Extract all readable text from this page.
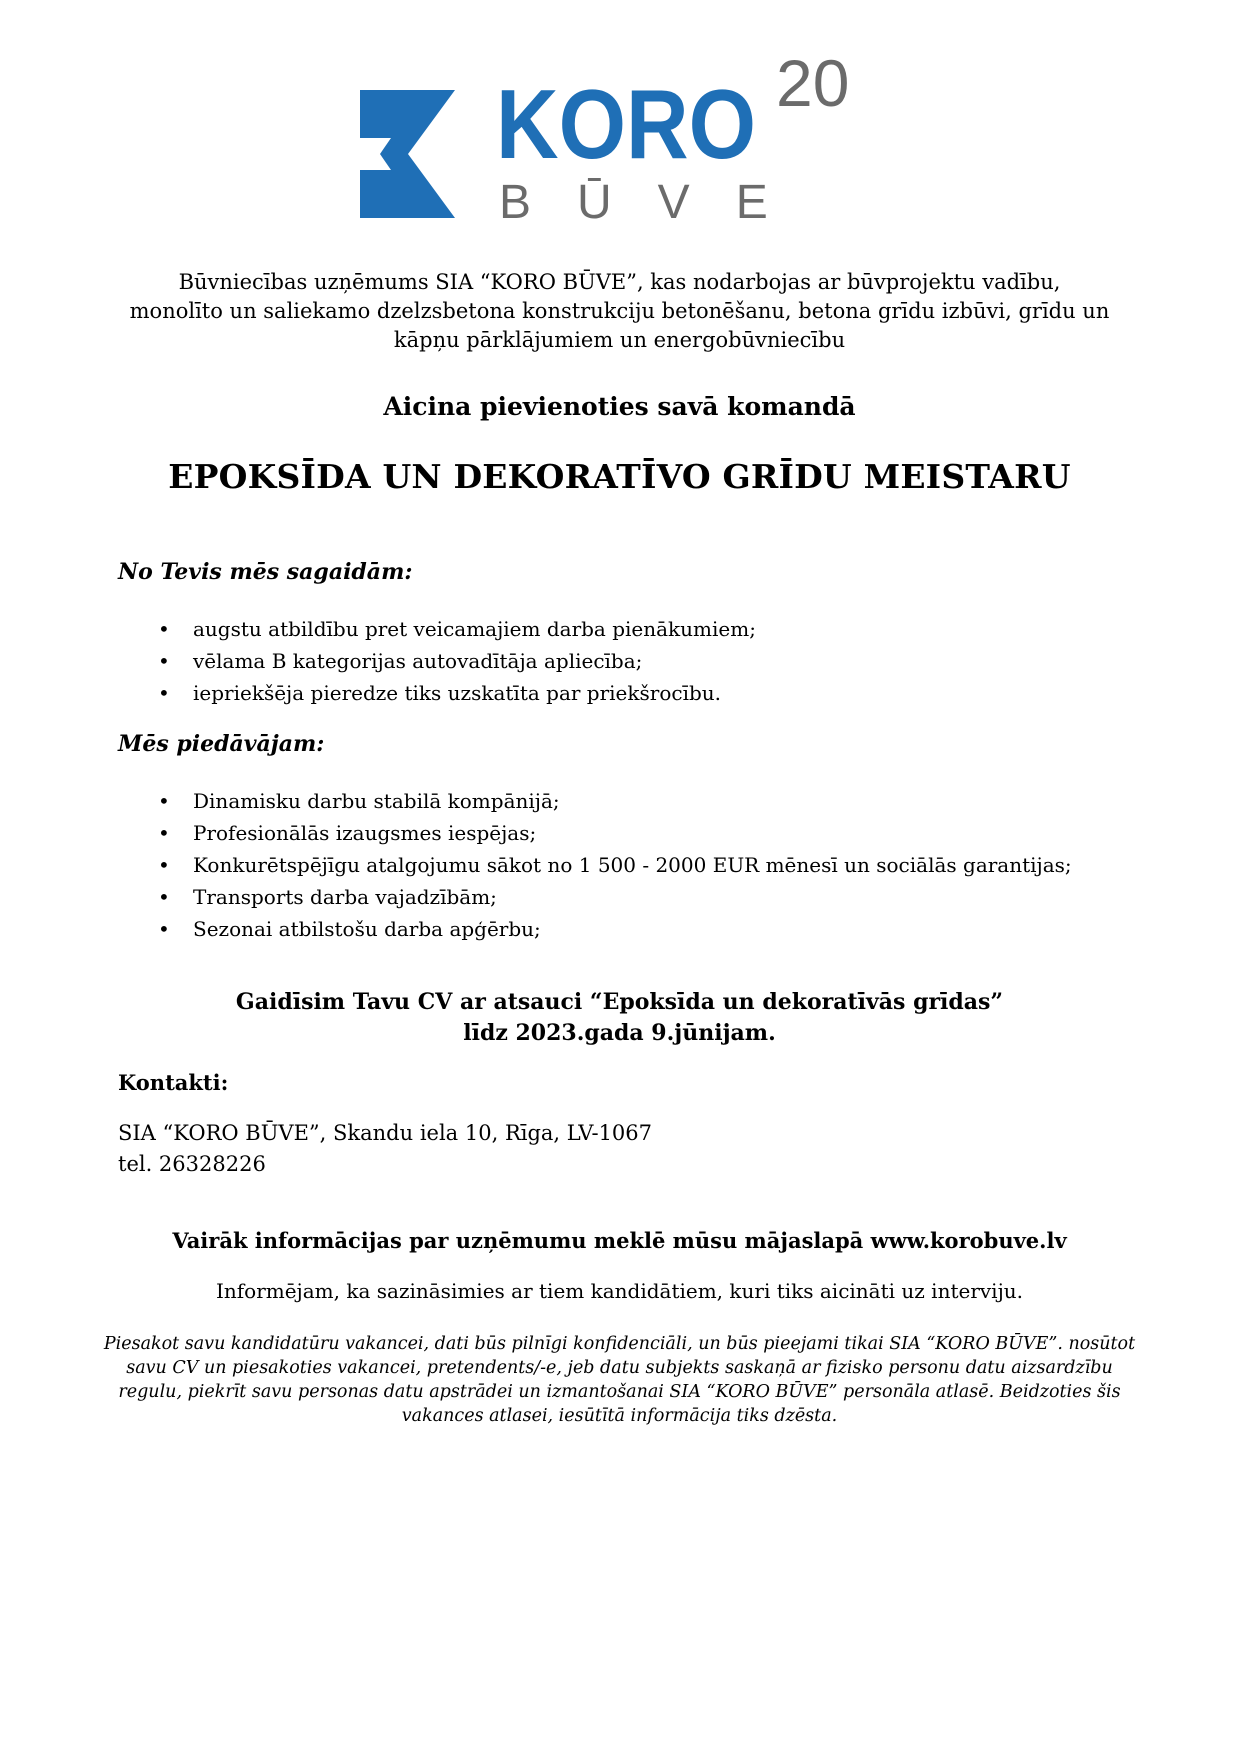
KORO
BŪVE
20
Būvniecības uzņēmums SIA “KORO BŪVE”, kas nodarbojas ar būvprojektu vadību,
monolīto un saliekamo dzelzsbetona konstrukciju betonēšanu, betona grīdu izbūvi, grīdu un
kāpņu pārklājumiem un energobūvniecību
Aicina pievienoties savā komandā
EPOKSĪDA UN DEKORATĪVO GRĪDU MEISTARU
No Tevis mēs sagaidām:
• augstu atbildību pret veicamajiem darba pienākumiem;
• vēlama B kategorijas autovadītāja apliecība;
• iepriekšēja pieredze tiks uzskatīta par priekšrocību.
Mēs piedāvājam:
• Dinamisku darbu stabilā kompānijā;
• Profesionālās izaugsmes iespējas;
• Konkurētspējīgu atalgojumu sākot no 1 500 - 2000 EUR mēnesī un sociālās garantijas;
• Transports darba vajadzībām;
• Sezonai atbilstošu darba apģērbu;
Gaidīsim Tavu CV ar atsauci “Epoksīda un dekoratīvās grīdas”
līdz 2023.gada 9.jūnijam.
Kontakti:
SIA “KORO BŪVE”, Skandu iela 10, Rīga, LV-1067
tel. 26328226
Vairāk informācijas par uzņēmumu meklē mūsu mājaslapā www.korobuve.lv
Informējam, ka sazināsimies ar tiem kandidātiem, kuri tiks aicināti uz interviju.
Piesakot savu kandidatūru vakancei, dati būs pilnīgi konfidenciāli, un būs pieejami tikai SIA “KORO BŪVE”. nosūtot
savu CV un piesakoties vakancei, pretendents/-e, jeb datu subjekts saskaņā ar fizisko personu datu aizsardzību
regulu, piekrīt savu personas datu apstrādei un izmantošanai SIA “KORO BŪVE” personāla atlasē. Beidzoties šis
vakances atlasei, iesūtītā informācija tiks dzēsta.
